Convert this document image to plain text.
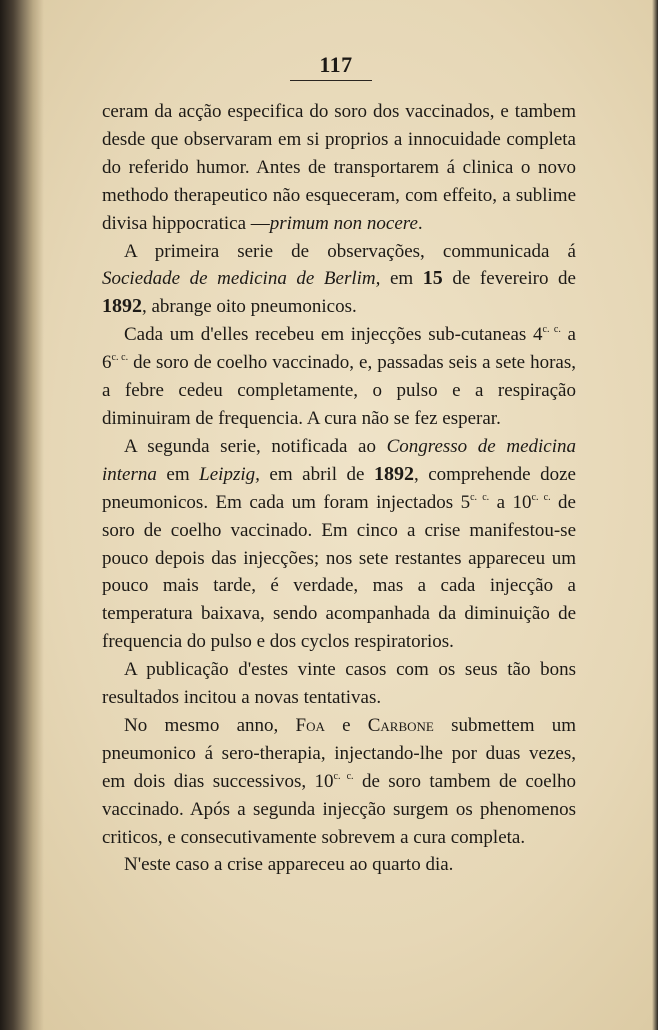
117

ceram da acção especifica do soro dos vaccinados, e tambem desde que observaram em si proprios a innocuidade completa do referido humor. Antes de transportarem á clinica o novo methodo therapeutico não esqueceram, com effeito, a sublime divisa hippocratica —primum non nocere.

A primeira serie de observações, communicada á Sociedade de medicina de Berlim, em 15 de fevereiro de 1892, abrange oito pneumonicos.

Cada um d'elles recebeu em injecções sub-cutaneas $4^{c. c.}$ a $6^{c. c.}$ de soro de coelho vaccinado, e, passadas seis a sete horas, a febre cedeu completamente, o pulso e a respiração diminuiram de frequencia. A cura não se fez esperar.

A segunda serie, notificada ao Congresso de medicina interna em Leipzig, em abril de 1892, comprehende doze pneumonicos. Em cada um foram injectados $5^{c. c.}$ a $10^{c. c.}$ de soro de coelho vaccinado. Em cinco a crise manifestou-se pouco depois das injecções; nos sete restantes appareceu um pouco mais tarde, é verdade, mas a cada injecção a temperatura baixava, sendo acompanhada da diminuição de frequencia do pulso e dos cyclos respiratorios.

A publicação d'estes vinte casos com os seus tão bons resultados incitou a novas tentativas.

No mesmo anno, Foa e Carbone submettem um pneumonico á sero-therapia, injectando-lhe por duas vezes, em dois dias successivos, $10^{c. c.}$ de soro tambem de coelho vaccinado. Após a segunda injecção surgem os phenomenos criticos, e consecutivamente sobrevem a cura completa.

N'este caso a crise appareceu ao quarto dia.
